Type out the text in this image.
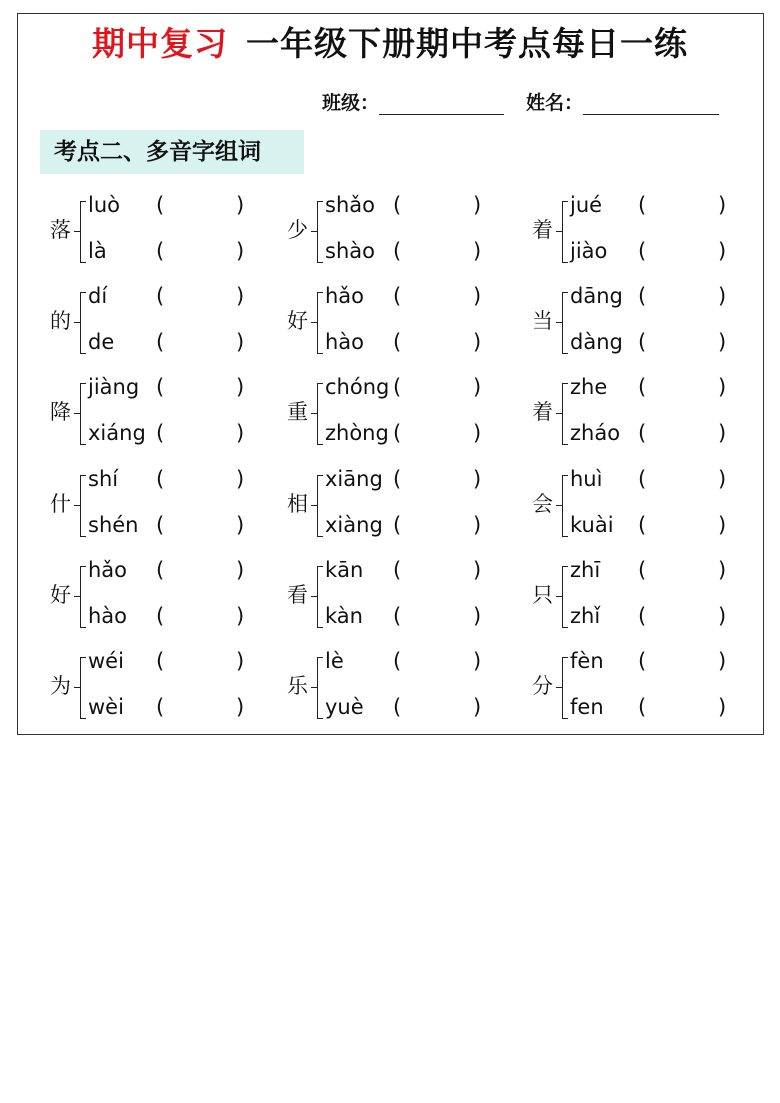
期中复习 一年级下册期中考点每日一练
班级：	姓名：
考点二、多音字组词
落
luò (	)
là (	)
的
dí (	)
de (	)
降
jiàng (	)
xiáng (	)
什
shí (	)
shén (	)
好
hǎo (	)
hào (	)
为
wéi (	)
wèi (	)
少
shǎo (	)
shào (	)
好
hǎo (	)
hào (	)
重
chóng (	)
zhòng (	)
相
xiāng (	)
xiàng (	)
看
kān (	)
kàn (	)
乐
lè (	)
yuè (	)
着
jué (	)
jiào (	)
当
dāng (	)
dàng (	)
着
zhe (	)
zháo (	)
会
huì (	)
kuài (	)
只
zhī (	)
zhǐ (	)
分
fèn (	)
fen (	)
